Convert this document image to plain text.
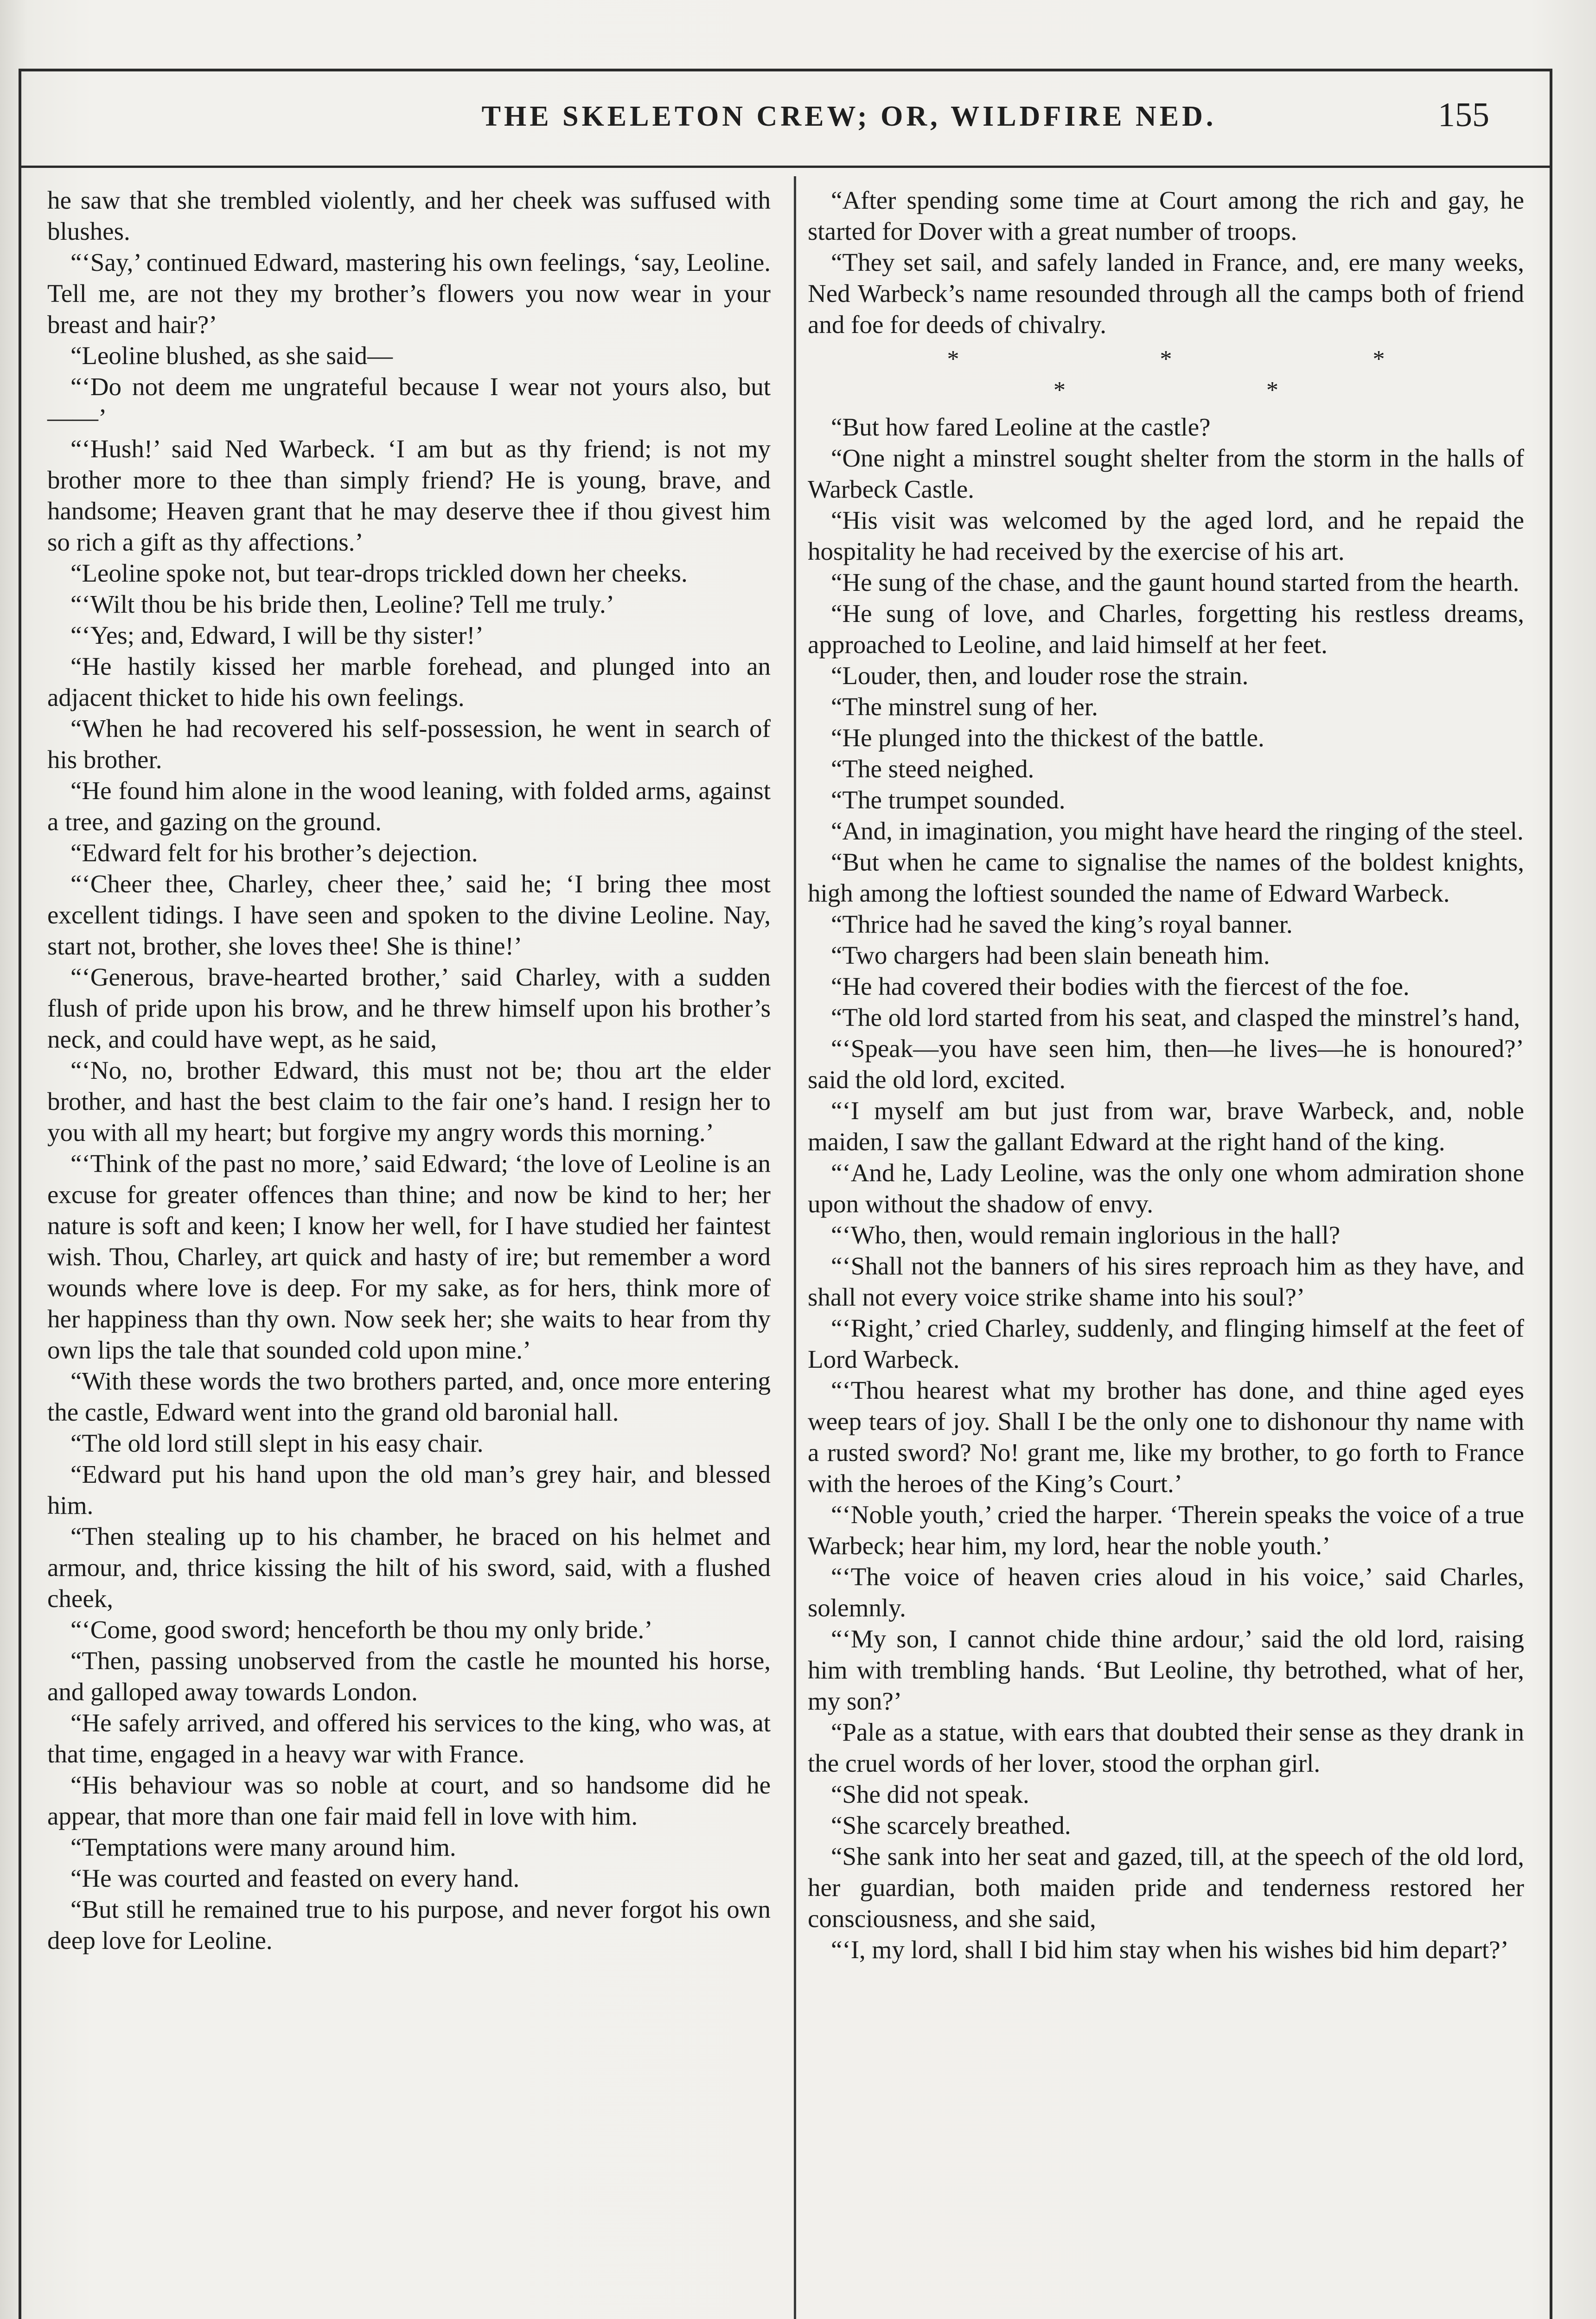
THE SKELETON CREW; OR, WILDFIRE NED.	155

he saw that she trembled violently, and her cheek was suffused with blushes.

“‘Say,’ continued Edward, mastering his own feelings, ‘say, Leoline. Tell me, are not they my brother’s flowers you now wear in your breast and hair?’

“Leoline blushed, as she said—

“‘Do not deem me ungrateful because I wear not yours also, but——’

“‘Hush!’ said Ned Warbeck. ‘I am but as thy friend; is not my brother more to thee than simply friend? He is young, brave, and handsome; Heaven grant that he may deserve thee if thou givest him so rich a gift as thy affections.’

“Leoline spoke not, but tear-drops trickled down her cheeks.

“‘Wilt thou be his bride then, Leoline? Tell me truly.’

“‘Yes; and, Edward, I will be thy sister!’

“He hastily kissed her marble forehead, and plunged into an adjacent thicket to hide his own feelings.

“When he had recovered his self-possession, he went in search of his brother.

“He found him alone in the wood leaning, with folded arms, against a tree, and gazing on the ground.

“Edward felt for his brother’s dejection.

“‘Cheer thee, Charley, cheer thee,’ said he; ‘I bring thee most excellent tidings. I have seen and spoken to the divine Leoline. Nay, start not, brother, she loves thee! She is thine!’

“‘Generous, brave-hearted brother,’ said Charley, with a sudden flush of pride upon his brow, and he threw himself upon his brother’s neck, and could have wept, as he said,

“‘No, no, brother Edward, this must not be; thou art the elder brother, and hast the best claim to the fair one’s hand. I resign her to you with all my heart; but forgive my angry words this morning.’

“‘Think of the past no more,’ said Edward; ‘the love of Leoline is an excuse for greater offences than thine; and now be kind to her; her nature is soft and keen; I know her well, for I have studied her faintest wish. Thou, Charley, art quick and hasty of ire; but remember a word wounds where love is deep. For my sake, as for hers, think more of her happiness than thy own. Now seek her; she waits to hear from thy own lips the tale that sounded cold upon mine.’

“With these words the two brothers parted, and, once more entering the castle, Edward went into the grand old baronial hall.

“The old lord still slept in his easy chair.

“Edward put his hand upon the old man’s grey hair, and blessed him.

“Then stealing up to his chamber, he braced on his helmet and armour, and, thrice kissing the hilt of his sword, said, with a flushed cheek,

“‘Come, good sword; henceforth be thou my only bride.’

“Then, passing unobserved from the castle he mounted his horse, and galloped away towards London.

“He safely arrived, and offered his services to the king, who was, at that time, engaged in a heavy war with France.

“His behaviour was so noble at court, and so handsome did he appear, that more than one fair maid fell in love with him.

“Temptations were many around him.

“He was courted and feasted on every hand.

“But still he remained true to his purpose, and never forgot his own deep love for Leoline.

“After spending some time at Court among the rich and gay, he started for Dover with a great number of troops.

“They set sail, and safely landed in France, and, ere many weeks, Ned Warbeck’s name resounded through all the camps both of friend and foe for deeds of chivalry.

* * * * *

“But how fared Leoline at the castle?

“One night a minstrel sought shelter from the storm in the halls of Warbeck Castle.

“His visit was welcomed by the aged lord, and he repaid the hospitality he had received by the exercise of his art.

“He sung of the chase, and the gaunt hound started from the hearth.

“He sung of love, and Charles, forgetting his restless dreams, approached to Leoline, and laid himself at her feet.

“Louder, then, and louder rose the strain.

“The minstrel sung of her.

“He plunged into the thickest of the battle.

“The steed neighed.

“The trumpet sounded.

“And, in imagination, you might have heard the ringing of the steel.

“But when he came to signalise the names of the boldest knights, high among the loftiest sounded the name of Edward Warbeck.

“Thrice had he saved the king’s royal banner.

“Two chargers had been slain beneath him.

“He had covered their bodies with the fiercest of the foe.

“The old lord started from his seat, and clasped the minstrel’s hand,

“‘Speak—you have seen him, then—he lives—he is honoured?’ said the old lord, excited.

“‘I myself am but just from war, brave Warbeck, and, noble maiden, I saw the gallant Edward at the right hand of the king.

“‘And he, Lady Leoline, was the only one whom admiration shone upon without the shadow of envy.

“‘Who, then, would remain inglorious in the hall?

“‘Shall not the banners of his sires reproach him as they have, and shall not every voice strike shame into his soul?’

“‘Right,’ cried Charley, suddenly, and flinging himself at the feet of Lord Warbeck.

“‘Thou hearest what my brother has done, and thine aged eyes weep tears of joy. Shall I be the only one to dishonour thy name with a rusted sword? No! grant me, like my brother, to go forth to France with the heroes of the King’s Court.’

“‘Noble youth,’ cried the harper. ‘Therein speaks the voice of a true Warbeck; hear him, my lord, hear the noble youth.’

“‘The voice of heaven cries aloud in his voice,’ said Charles, solemnly.

“‘My son, I cannot chide thine ardour,’ said the old lord, raising him with trembling hands. ‘But Leoline, thy betrothed, what of her, my son?’

“Pale as a statue, with ears that doubted their sense as they drank in the cruel words of her lover, stood the orphan girl.

“She did not speak.

“She scarcely breathed.

“She sank into her seat and gazed, till, at the speech of the old lord, her guardian, both maiden pride and tenderness restored her consciousness, and she said,

“‘I, my lord, shall I bid him stay when his wishes bid him depart?’
